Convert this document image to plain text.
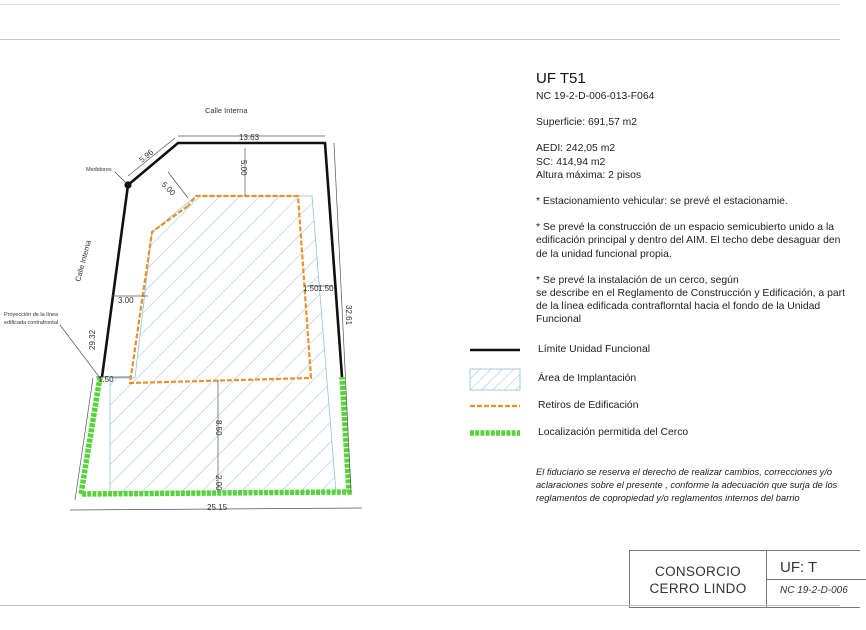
Calle Interna
Calle Interna
Medidores
Proyección de la línea
edificada contrafrontal
13.63
5.96
32.61
29.32
25.15
5.00
5.00
3.00
1.50 1.50
1.50
8.50
2.00

UF T51

NC 19-2-D-006-013-F064

Superficie: 691,57 m2

AEDI: 242,05 m2

SC: 414,94 m2

Altura máxima: 2 pisos

* Estacionamiento vehicular: se prevé el estacionamie.

* Se prevé la construcción de un espacio semicubierto unido a la

edificación principal y dentro del AIM. El techo debe desaguar den

de la unidad funcional propia.

* Se prevé la instalación de un cerco, según

se describe en el Reglamento de Construcción y Edificación, a part

de la línea edificada contraflorntal hacia el fondo de la Unidad

Funcional

Límite Unidad Funcional
Área de Implantación
Retiros de Edificación
Localización permitida del Cerco

El fiduciario se reserva el derecho de realizar cambios, correcciones y/o

aclaraciones sobre el presente , conforme la adecuación que surja de los

reglamentos de copropiedad y/o reglamentos internos del barrio

CONSORCIO
CERRO LINDO
UF: T
NC 19-2-D-006
